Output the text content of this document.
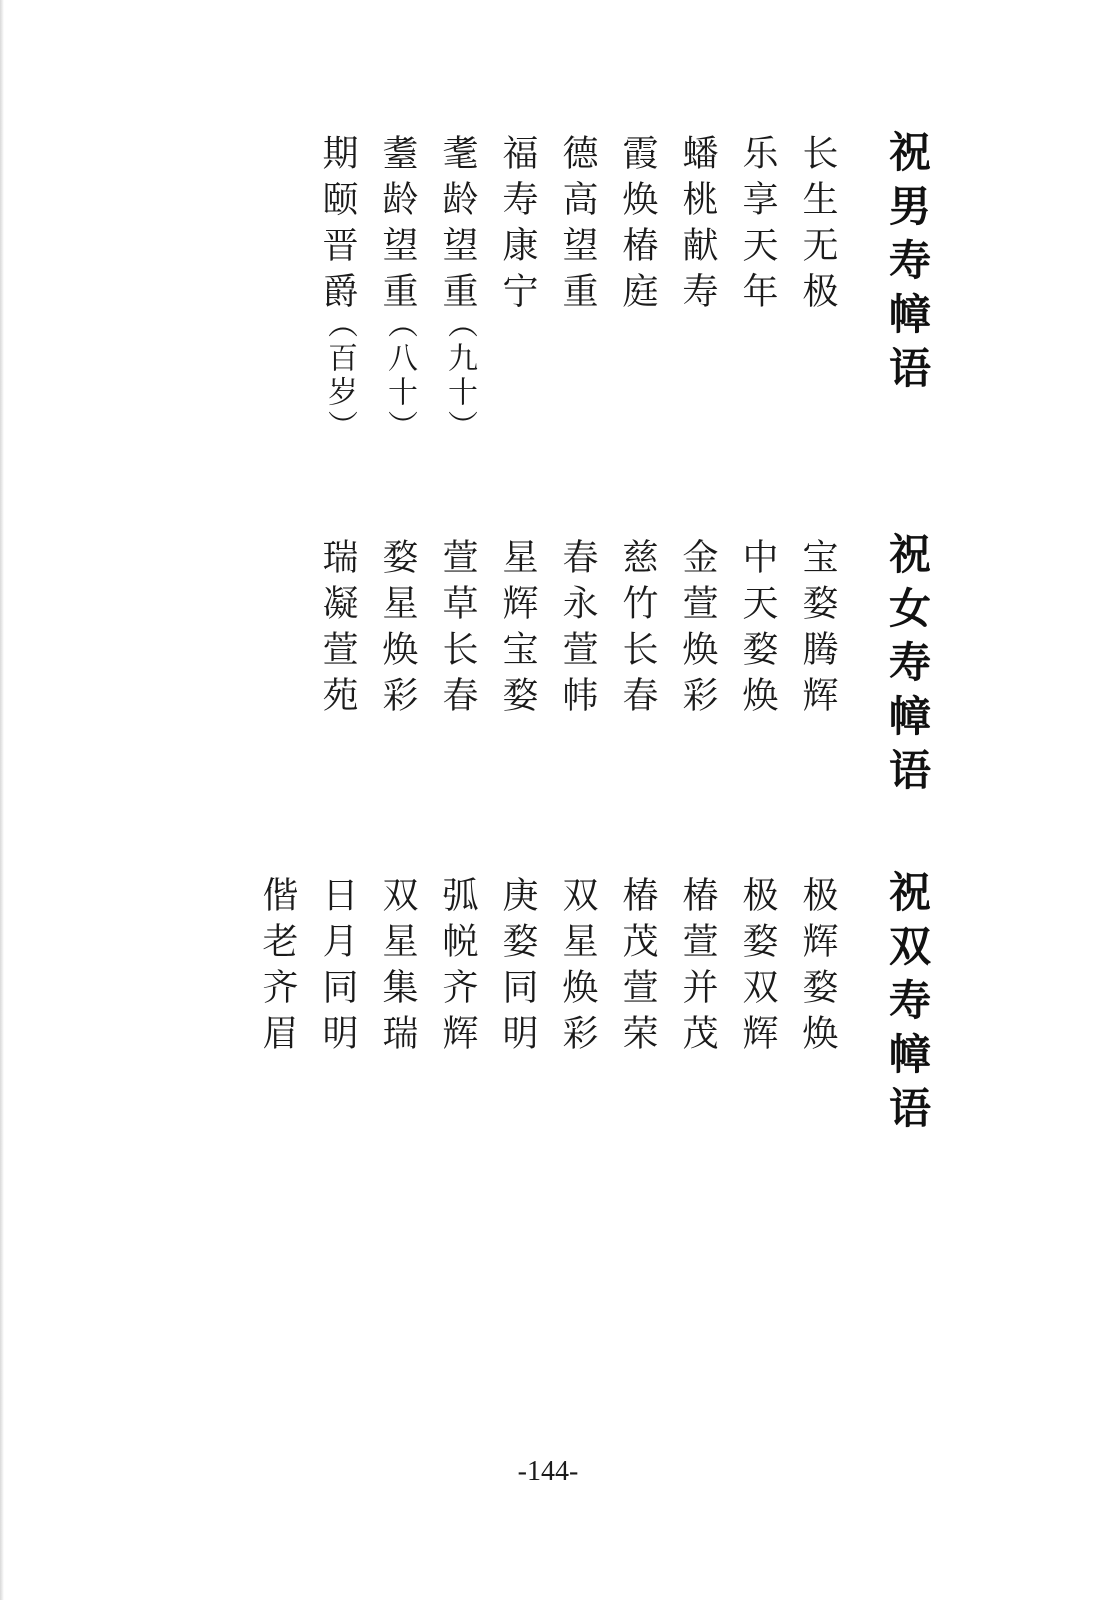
祝男寿幛语
长生无极
乐享天年
蟠桃献寿
霞焕椿庭
德高望重
福寿康宁
耄龄望重
（九十）
耋龄望重
（八十）
期颐晋爵
（百岁）
祝女寿幛语
宝婺腾辉
中天婺焕
金萱焕彩
慈竹长春
春永萱帏
星辉宝婺
萱草长春
婺星焕彩
瑞凝萱苑
祝双寿幛语
极辉婺焕
极婺双辉
椿萱并茂
椿茂萱荣
双星焕彩
庚婺同明
弧帨齐辉
双星集瑞
日月同明
偕老齐眉
-144-
